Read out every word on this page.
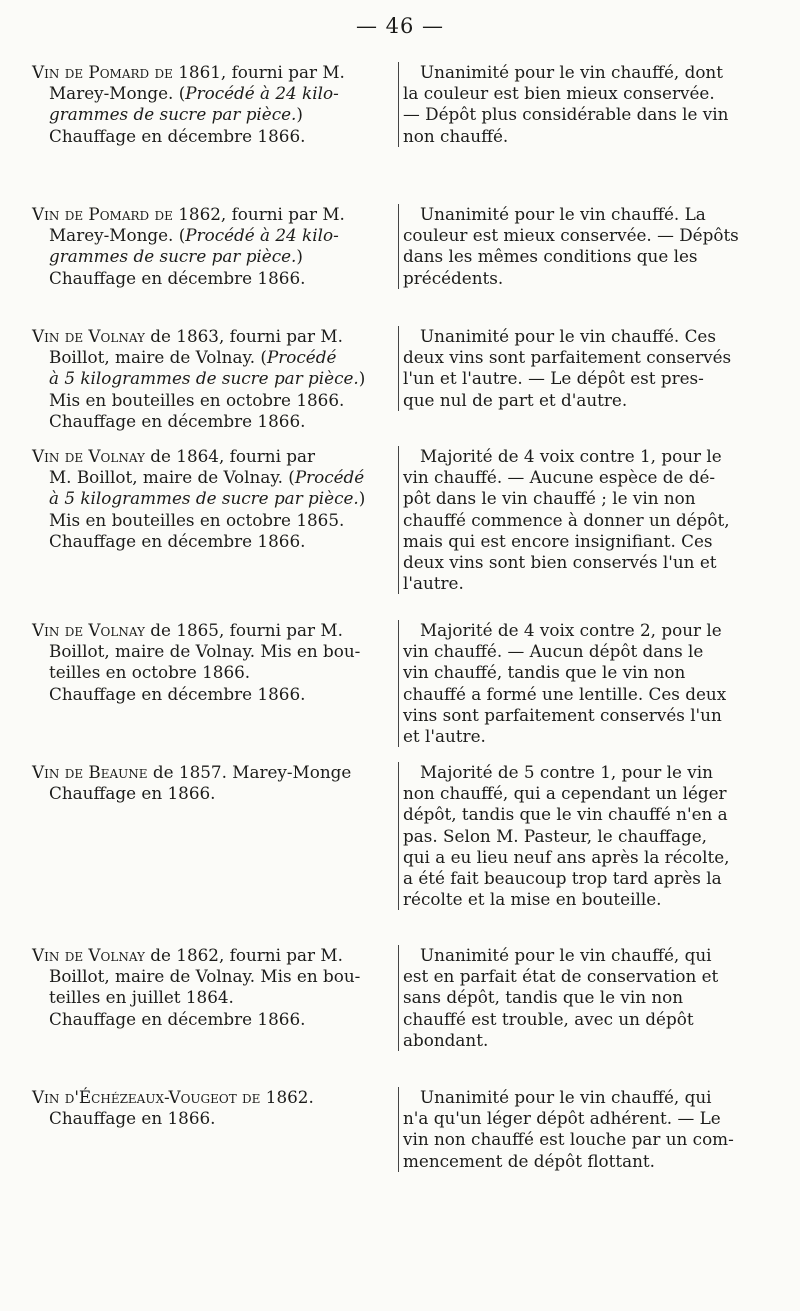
— 46 —
Vin de Pomard de 1861, fourni par M.
Marey-Monge. (Procédé à 24 kilo-
grammes de sucre par pièce.)
Chauffage en décembre 1866.
Unanimité pour le vin chauffé, dont
la couleur est bien mieux conservée.
— Dépôt plus considérable dans le vin
non chauffé.
Vin de Pomard de 1862, fourni par M.
Marey-Monge. (Procédé à 24 kilo-
grammes de sucre par pièce.)
Chauffage en décembre 1866.
Unanimité pour le vin chauffé. La
couleur est mieux conservée. — Dépôts
dans les mêmes conditions que les
précédents.
Vin de Volnay de 1863, fourni par M.
Boillot, maire de Volnay. (Procédé
à 5 kilogrammes de sucre par pièce.)
Mis en bouteilles en octobre 1866.
Chauffage en décembre 1866.
Unanimité pour le vin chauffé. Ces
deux vins sont parfaitement conservés
l'un et l'autre. — Le dépôt est pres-
que nul de part et d'autre.
Vin de Volnay de 1864, fourni par
M. Boillot, maire de Volnay. (Procédé
à 5 kilogrammes de sucre par pièce.)
Mis en bouteilles en octobre 1865.
Chauffage en décembre 1866.
Majorité de 4 voix contre 1, pour le
vin chauffé. — Aucune espèce de dé-
pôt dans le vin chauffé ; le vin non
chauffé commence à donner un dépôt,
mais qui est encore insignifiant. Ces
deux vins sont bien conservés l'un et
l'autre.
Vin de Volnay de 1865, fourni par M.
Boillot, maire de Volnay. Mis en bou-
teilles en octobre 1866.
Chauffage en décembre 1866.
Majorité de 4 voix contre 2, pour le
vin chauffé. — Aucun dépôt dans le
vin chauffé, tandis que le vin non
chauffé a formé une lentille. Ces deux
vins sont parfaitement conservés l'un
et l'autre.
Vin de Beaune de 1857. Marey-Monge
Chauffage en 1866.
Majorité de 5 contre 1, pour le vin
non chauffé, qui a cependant un léger
dépôt, tandis que le vin chauffé n'en a
pas. Selon M. Pasteur, le chauffage,
qui a eu lieu neuf ans après la récolte,
a été fait beaucoup trop tard après la
récolte et la mise en bouteille.
Vin de Volnay de 1862, fourni par M.
Boillot, maire de Volnay. Mis en bou-
teilles en juillet 1864.
Chauffage en décembre 1866.
Unanimité pour le vin chauffé, qui
est en parfait état de conservation et
sans dépôt, tandis que le vin non
chauffé est trouble, avec un dépôt
abondant.
Vin d'Échézeaux-Vougeot de 1862.
Chauffage en 1866.
Unanimité pour le vin chauffé, qui
n'a qu'un léger dépôt adhérent. — Le
vin non chauffé est louche par un com-
mencement de dépôt flottant.
